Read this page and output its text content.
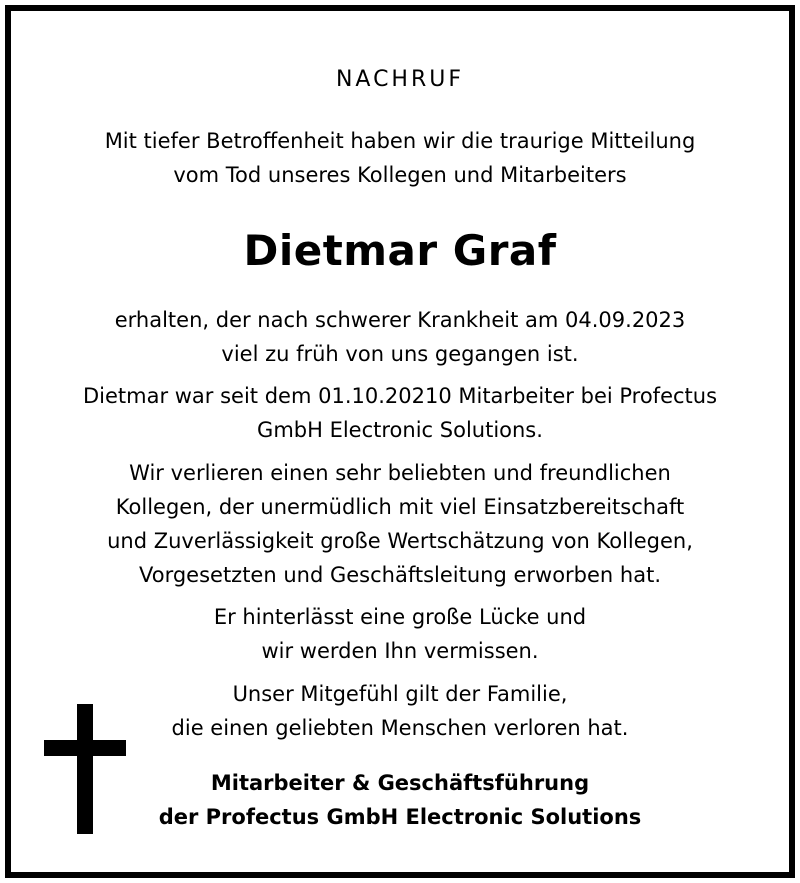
NACHRUF
Mit tiefer Betroffenheit haben wir die traurige Mitteilung
vom Tod unseres Kollegen und Mitarbeiters
Dietmar Graf
erhalten, der nach schwerer Krankheit am 04.09.2023
viel zu früh von uns gegangen ist.
Dietmar war seit dem 01.10.20210 Mitarbeiter bei Profectus
GmbH Electronic Solutions.
Wir verlieren einen sehr beliebten und freundlichen
Kollegen, der unermüdlich mit viel Einsatzbereitschaft
und Zuverlässigkeit große Wertschätzung von Kollegen,
Vorgesetzten und Geschäftsleitung erworben hat.
Er hinterlässt eine große Lücke und
wir werden Ihn vermissen.
Unser Mitgefühl gilt der Familie,
die einen geliebten Menschen verloren hat.
Mitarbeiter & Geschäftsführung
der Profectus GmbH Electronic Solutions
